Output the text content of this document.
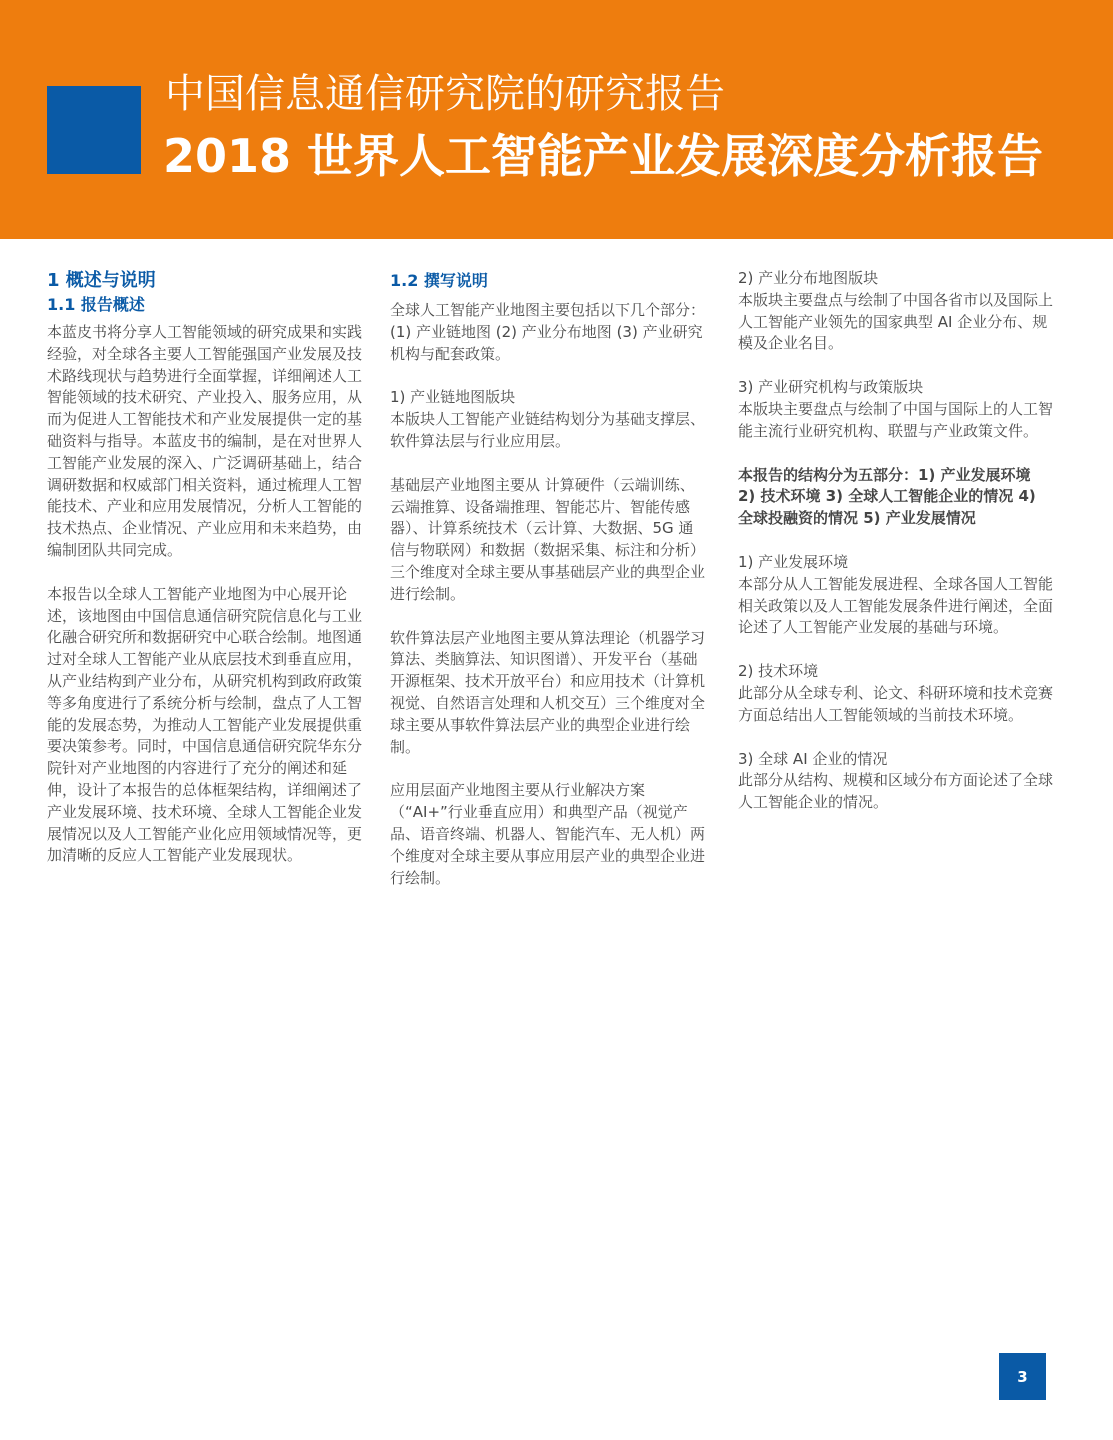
中国信息通信研究院的研究报告
2018 世界人工智能产业发展深度分析报告
1 概述与说明
1.1 报告概述

本蓝皮书将分享人工智能领域的研究成果和实践经验，对全球各主要人工智能强国产业发展及技术路线现状与趋势进行全面掌握，详细阐述人工智能领域的技术研究、产业投入、服务应用，从而为促进人工智能技术和产业发展提供一定的基础资料与指导。本蓝皮书的编制，是在对世界人工智能产业发展的深入、广泛调研基础上，结合调研数据和权威部门相关资料，通过梳理人工智能技术、产业和应用发展情况，分析人工智能的技术热点、企业情况、产业应用和未来趋势，由编制团队共同完成。

本报告以全球人工智能产业地图为中心展开论述，该地图由中国信息通信研究院信息化与工业化融合研究所和数据研究中心联合绘制。地图通过对全球人工智能产业从底层技术到垂直应用，从产业结构到产业分布，从研究机构到政府政策等多角度进行了系统分析与绘制，盘点了人工智能的发展态势，为推动人工智能产业发展提供重要决策参考。同时，中国信息通信研究院华东分院针对产业地图的内容进行了充分的阐述和延伸，设计了本报告的总体框架结构，详细阐述了产业发展环境、技术环境、全球人工智能企业发展情况以及人工智能产业化应用领域情况等，更加清晰的反应人工智能产业发展现状。

1.2 撰写说明

全球人工智能产业地图主要包括以下几个部分：(1) 产业链地图 (2) 产业分布地图 (3) 产业研究机构与配套政策。

1) 产业链地图版块
本版块人工智能产业链结构划分为基础支撑层、软件算法层与行业应用层。

基础层产业地图主要从 计算硬件（云端训练、云端推算、设备端推理、智能芯片、智能传感器）、计算系统技术（云计算、大数据、5G 通信与物联网）和数据（数据采集、标注和分析）三个维度对全球主要从事基础层产业的典型企业进行绘制。

软件算法层产业地图主要从算法理论（机器学习算法、类脑算法、知识图谱）、开发平台（基础开源框架、技术开放平台）和应用技术（计算机视觉、自然语言处理和人机交互）三个维度对全球主要从事软件算法层产业的典型企业进行绘制。

应用层面产业地图主要从行业解决方案（“AI+”行业垂直应用）和典型产品（视觉产品、语音终端、机器人、智能汽车、无人机）两个维度对全球主要从事应用层产业的典型企业进行绘制。

2) 产业分布地图版块
本版块主要盘点与绘制了中国各省市以及国际上人工智能产业领先的国家典型 AI 企业分布、规模及企业名目。

3) 产业研究机构与政策版块
本版块主要盘点与绘制了中国与国际上的人工智能主流行业研究机构、联盟与产业政策文件。

本报告的结构分为五部分：1) 产业发展环境 2) 技术环境 3) 全球人工智能企业的情况 4) 全球投融资的情况 5) 产业发展情况

1) 产业发展环境
本部分从人工智能发展进程、全球各国人工智能相关政策以及人工智能发展条件进行阐述，全面论述了人工智能产业发展的基础与环境。

2) 技术环境
此部分从全球专利、论文、科研环境和技术竞赛方面总结出人工智能领域的当前技术环境。

3) 全球 AI 企业的情况
此部分从结构、规模和区域分布方面论述了全球人工智能企业的情况。

3
